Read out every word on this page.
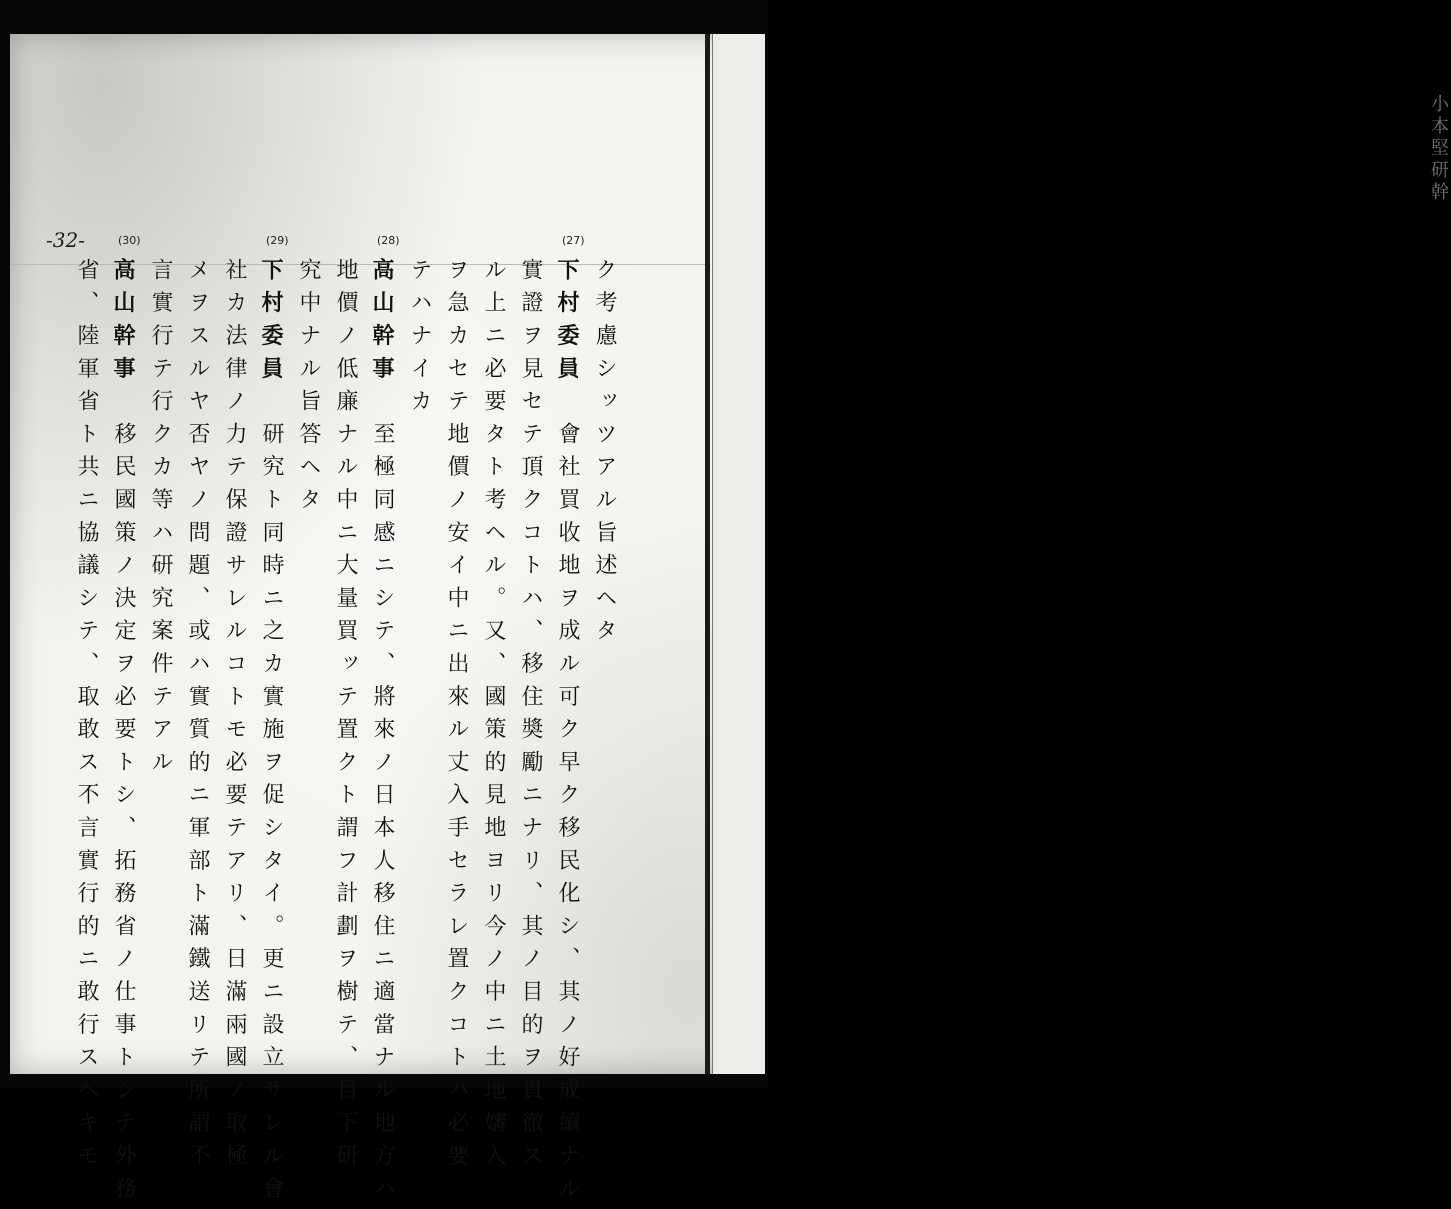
小本堅研幹
-32-
ク考慮シッツアル旨述ヘタ
(27)
下村委員　會社買收地ヲ成ル可ク早ク移民化シ、其ノ好成續ナル
實證ヲ見セテ頂クコトハ、移住奬勵ニナリ、其ノ目的ヲ貫徹ス
ル上ニ必要タト考ヘル。又、國策的見地ヨリ今ノ中ニ土地嬸入
ヲ急カセテ地價ノ安イ中ニ出來ル丈入手セラレ置クコトハ必要
テハナイカ
(28)
高山幹事　至極同感ニシテ、將來ノ日本人移住ニ適當ナル地方ハ
地價ノ低廉ナル中ニ大量買ッテ置クト謂フ計劃ヲ樹テ、目下研
究中ナル旨答ヘタ
(29)
下村委員　研究ト同時ニ之カ實施ヲ促シタイ。更ニ設立サレル會
社カ法律ノ力テ保證サレルコトモ必要テアリ、日滿兩國ノ取極
メヲスルヤ否ヤノ問題、或ハ實質的ニ軍部ト滿鐵送リテ所謂不
言實行テ行クカ等ハ研究案件テアル
(30)
高山幹事　移民國策ノ決定ヲ必要トシ、拓務省ノ仕事トシテ外務
省、陸軍省ト共ニ協議シテ、取敢ス不言實行的ニ敢行スヘキモ
